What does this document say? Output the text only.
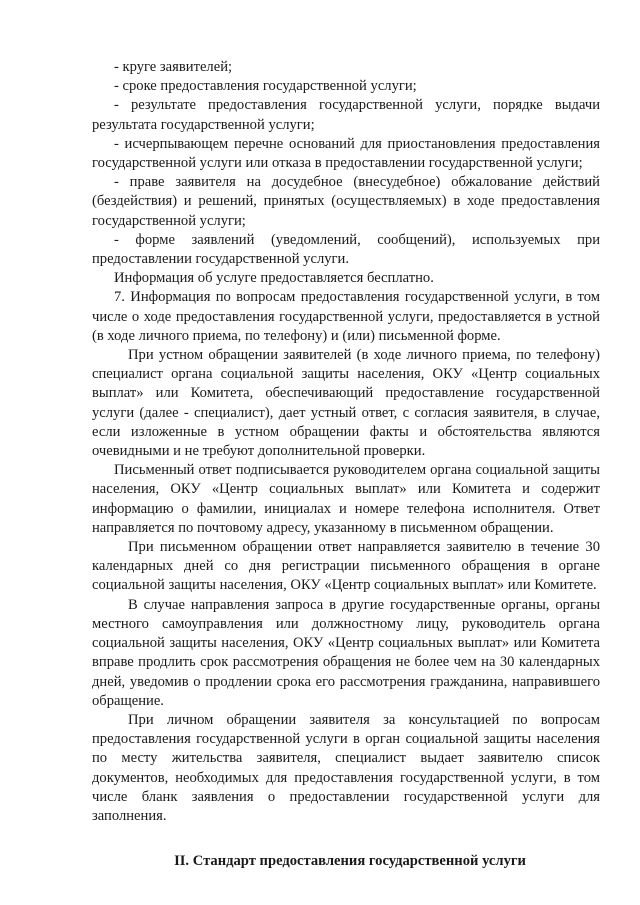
- круге заявителей;

- сроке предоставления государственной услуги;

- результате предоставления государственной услуги, порядке выдачи результата государственной услуги;

- исчерпывающем перечне оснований для приостановления предоставления государственной услуги или отказа в предоставлении государственной услуги;

- праве заявителя на досудебное (внесудебное) обжалование действий (бездействия) и решений, принятых (осуществляемых) в ходе предоставления государственной услуги;

- форме заявлений (уведомлений, сообщений), используемых при предоставлении государственной услуги.

Информация об услуге предоставляется бесплатно.

7. Информация по вопросам предоставления государственной услуги, в том числе о ходе предоставления государственной услуги, предоставляется в устной (в ходе личного приема, по телефону) и (или) письменной форме.

При устном обращении заявителей (в ходе личного приема, по телефону) специалист органа социальной защиты населения, ОКУ «Центр социальных выплат» или Комитета, обеспечивающий предоставление государственной услуги (далее - специалист), дает устный ответ, с согласия заявителя, в случае, если изложенные в устном обращении факты и обстоятельства являются очевидными и не требуют дополнительной проверки.

Письменный ответ подписывается руководителем органа социальной защиты населения, ОКУ «Центр социальных выплат» или Комитета и содержит информацию о фамилии, инициалах и номере телефона исполнителя. Ответ направляется по почтовому адресу, указанному в письменном обращении.

При письменном обращении ответ направляется заявителю в течение 30 календарных дней со дня регистрации письменного обращения в органе социальной защиты населения, ОКУ «Центр социальных выплат» или Комитете.

В случае направления запроса в другие государственные органы, органы местного самоуправления или должностному лицу, руководитель органа социальной защиты населения, ОКУ «Центр социальных выплат» или Комитета вправе продлить срок рассмотрения обращения не более чем на 30 календарных дней, уведомив о продлении срока его рассмотрения гражданина, направившего обращение.

При личном обращении заявителя за консультацией по вопросам предоставления государственной услуги в орган социальной защиты населения по месту жительства заявителя, специалист выдает заявителю список документов, необходимых для предоставления государственной услуги, в том числе бланк заявления о предоставлении государственной услуги для заполнения.

II. Стандарт предоставления государственной услуги
